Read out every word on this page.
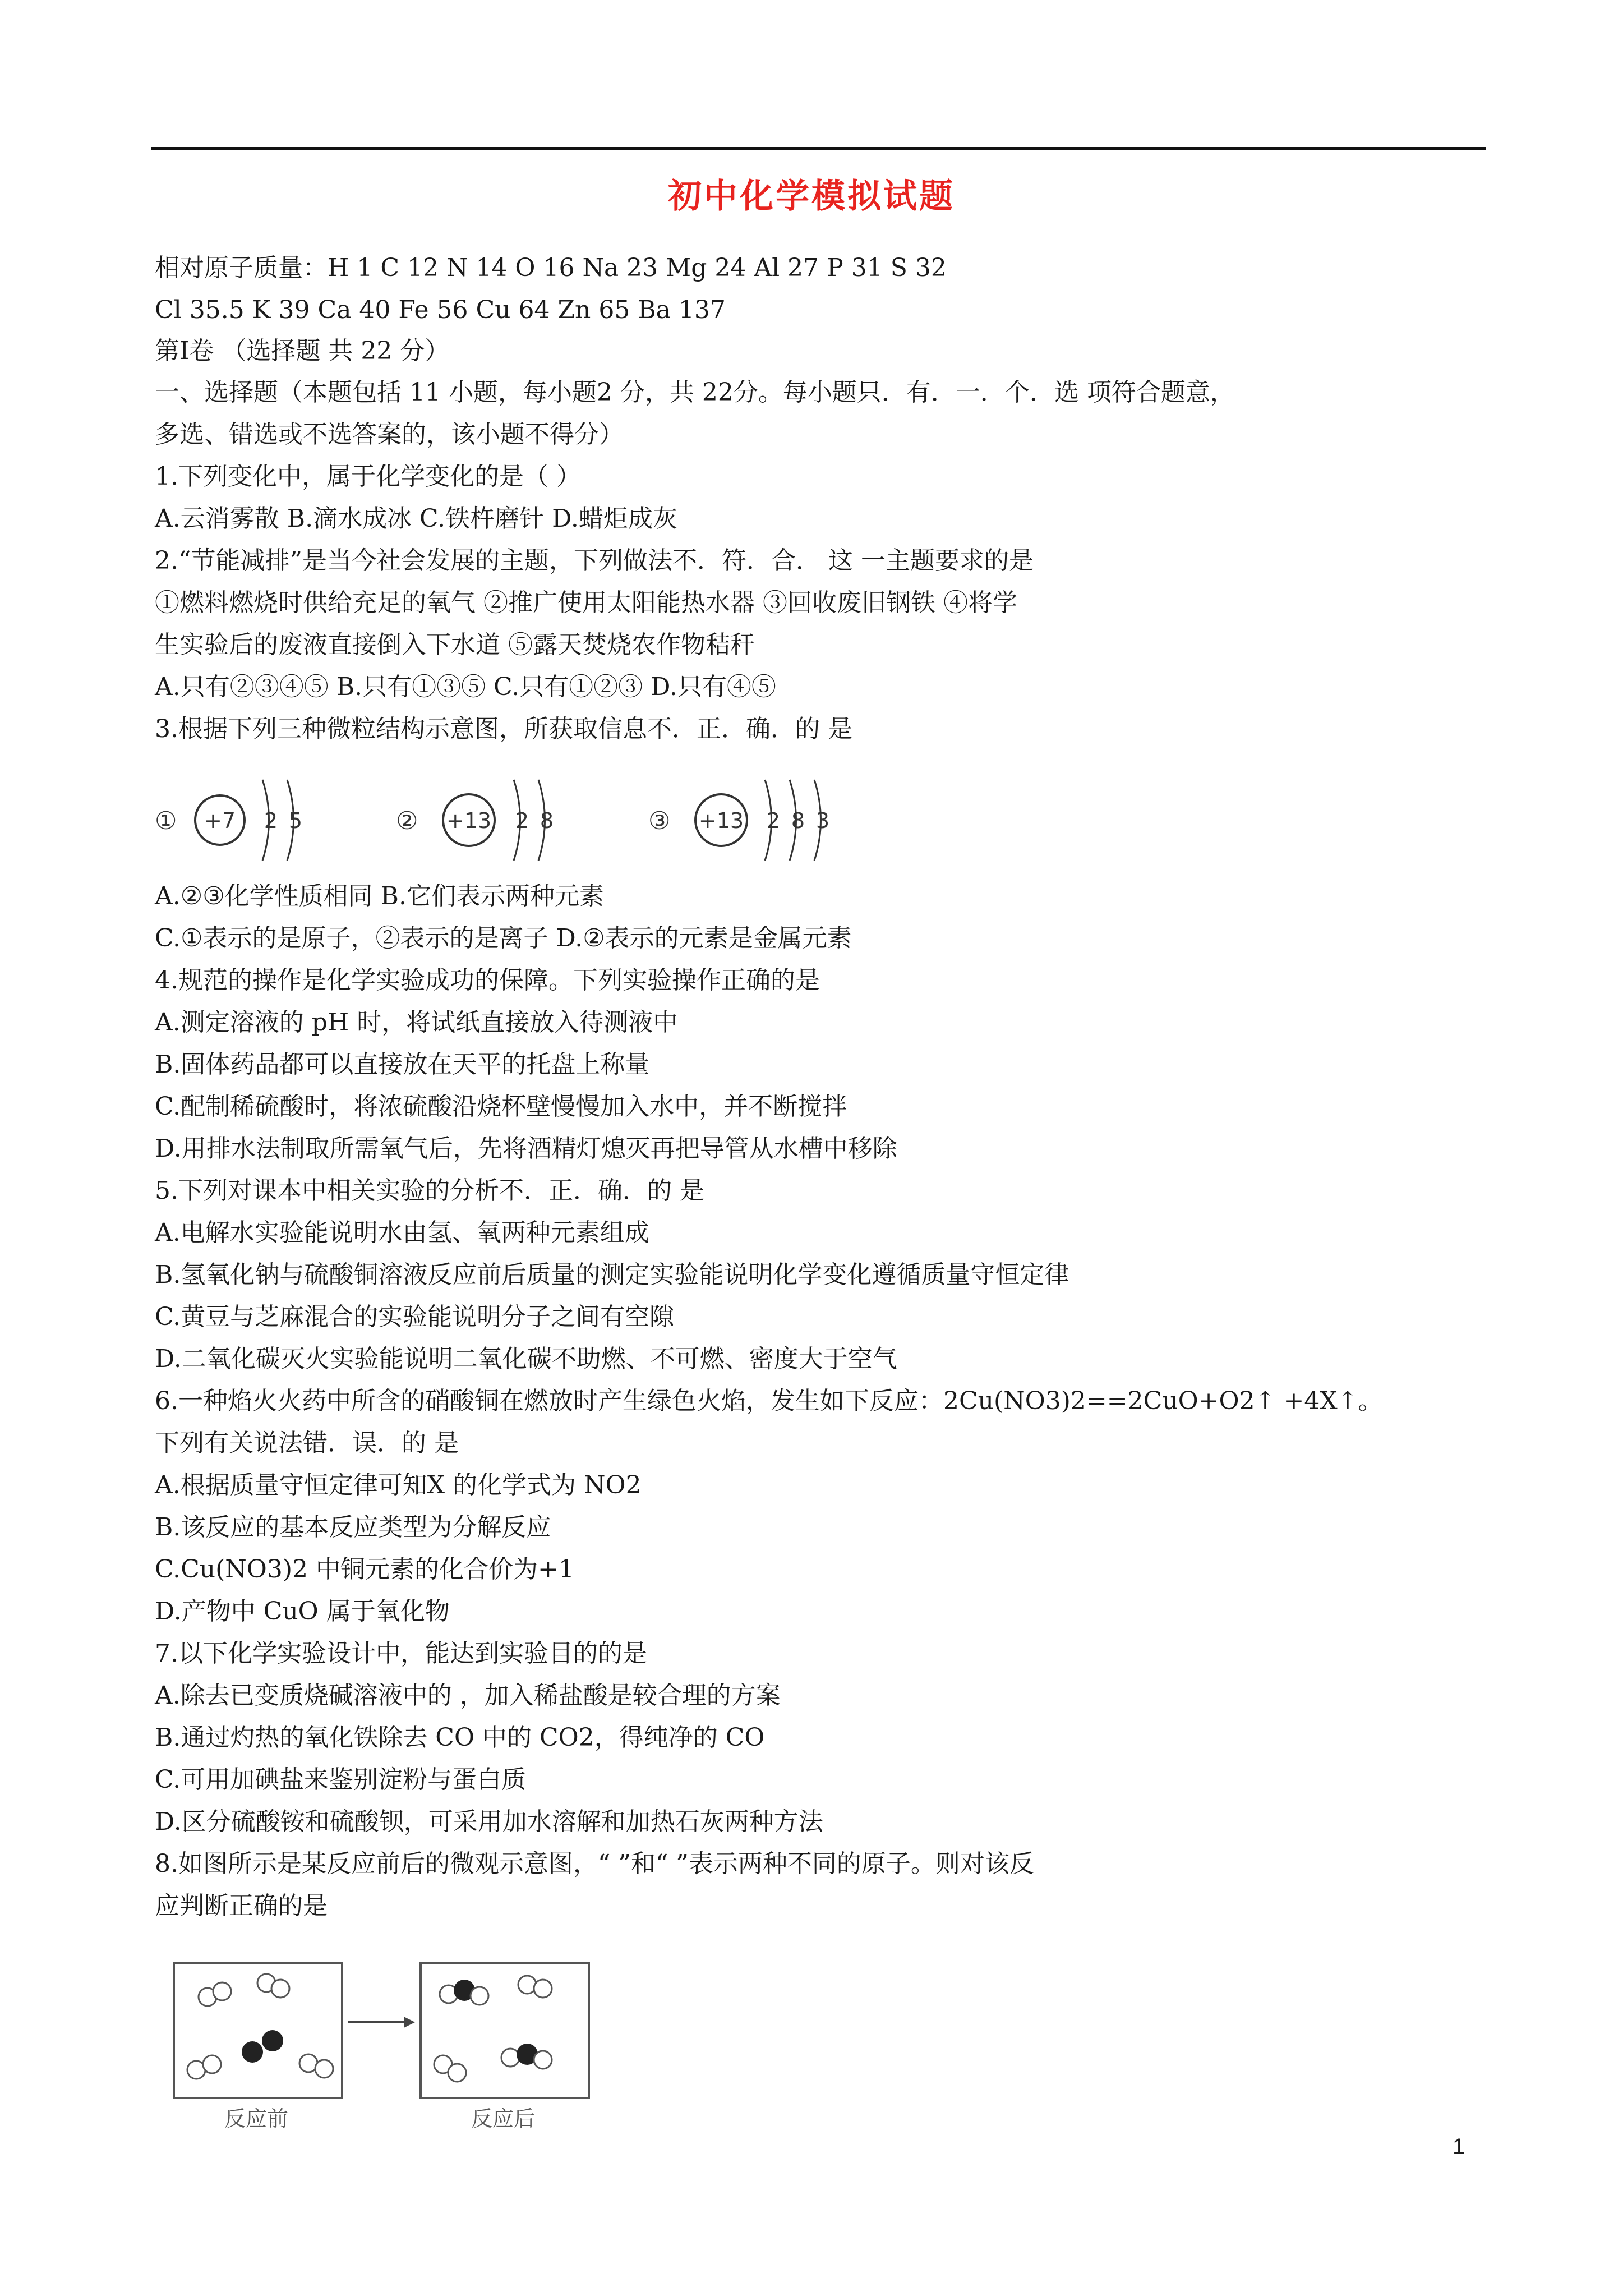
初中化学模拟试题
相对原子质量：H 1 C 12 N 14 O 16 Na 23 Mg 24 Al 27 P 31 S 32
Cl 35.5 K 39 Ca 40 Fe 56 Cu 64 Zn 65 Ba 137
第Ⅰ卷 （选择题 共 22 分）
一、选择题（本题包括 11 小题，每小题2 分，共 22分。每小题只．有．一．个．选 项符合题意，
多选、错选或不选答案的，该小题不得分）
1.下列变化中，属于化学变化的是（ ）
A.云消雾散 B.滴水成冰 C.铁杵磨针 D.蜡炬成灰
2.“节能减排”是当今社会发展的主题，下列做法不．符．合． 这 一主题要求的是
①燃料燃烧时供给充足的氧气 ②推广使用太阳能热水器 ③回收废旧钢铁 ④将学
生实验后的废液直接倒入下水道 ⑤露天焚烧农作物秸秆
A.只有②③④⑤ B.只有①③⑤ C.只有①②③ D.只有④⑤
3.根据下列三种微粒结构示意图，所获取信息不．正．确．的 是
A.②③化学性质相同 B.它们表示两种元素
C.①表示的是原子，②表示的是离子 D.②表示的元素是金属元素
4.规范的操作是化学实验成功的保障。下列实验操作正确的是
A.测定溶液的 pH 时，将试纸直接放入待测液中
B.固体药品都可以直接放在天平的托盘上称量
C.配制稀硫酸时，将浓硫酸沿烧杯壁慢慢加入水中，并不断搅拌
D.用排水法制取所需氧气后，先将酒精灯熄灭再把导管从水槽中移除
5.下列对课本中相关实验的分析不．正．确．的 是
A.电解水实验能说明水由氢、氧两种元素组成
B.氢氧化钠与硫酸铜溶液反应前后质量的测定实验能说明化学变化遵循质量守恒定律
C.黄豆与芝麻混合的实验能说明分子之间有空隙
D.二氧化碳灭火实验能说明二氧化碳不助燃、不可燃、密度大于空气
6.一种焰火火药中所含的硝酸铜在燃放时产生绿色火焰，发生如下反应：2Cu(NO3)2==2CuO+O2↑ +4X↑。
下列有关说法错．误．的 是
A.根据质量守恒定律可知X 的化学式为 NO2
B.该反应的基本反应类型为分解反应
C.Cu(NO3)2 中铜元素的化合价为+1
D.产物中 CuO 属于氧化物
7.以下化学实验设计中，能达到实验目的的是
A.除去已变质烧碱溶液中的 ，加入稀盐酸是较合理的方案
B.通过灼热的氧化铁除去 CO 中的 CO2，得纯净的 CO
C.可用加碘盐来鉴别淀粉与蛋白质
D.区分硫酸铵和硫酸钡，可采用加水溶解和加热石灰两种方法
8.如图所示是某反应前后的微观示意图，“ ”和“ ”表示两种不同的原子。则对该反
应判断正确的是
① +7 2 5	② +13 2 8	③ +13 2 8 3
反应前	反应后
1
